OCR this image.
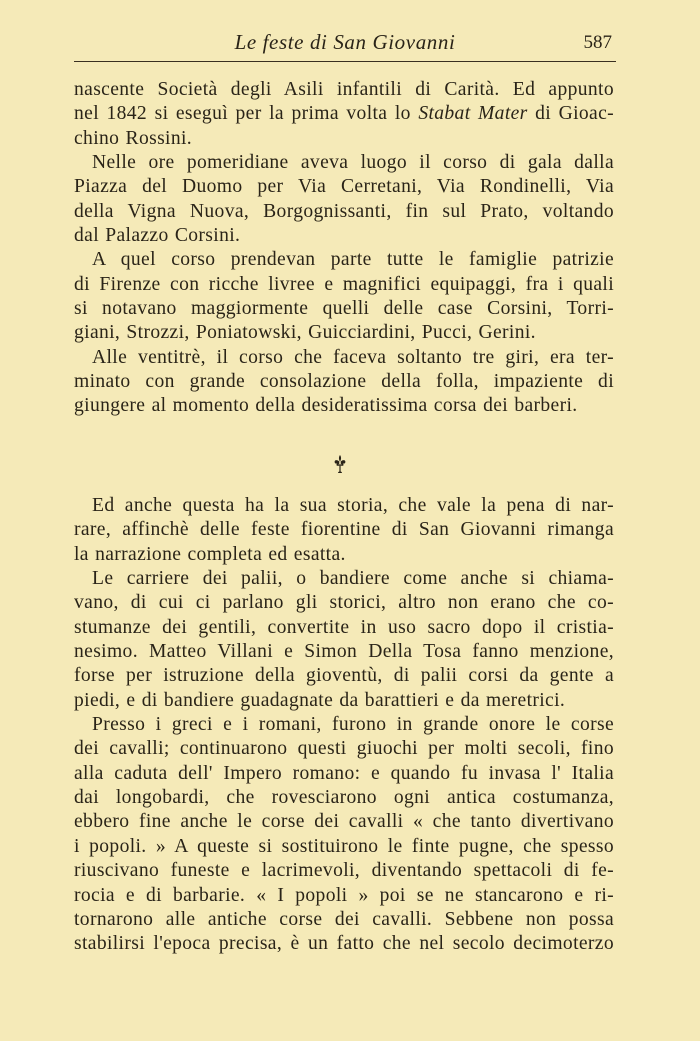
Le feste di San Giovanni	587
nascente Società degli Asili infantili di Carità. Ed appunto
nel 1842 si eseguì per la prima volta lo Stabat Mater di Gioac-
chino Rossini.
Nelle ore pomeridiane aveva luogo il corso di gala dalla
Piazza del Duomo per Via Cerretani, Via Rondinelli, Via
della Vigna Nuova, Borgognissanti, fin sul Prato, voltando
dal Palazzo Corsini.
A quel corso prendevan parte tutte le famiglie patrizie
di Firenze con ricche livree e magnifici equipaggi, fra i quali
si notavano maggiormente quelli delle case Corsini, Torri-
giani, Strozzi, Poniatowski, Guicciardini, Pucci, Gerini.
Alle ventitrè, il corso che faceva soltanto tre giri, era ter-
minato con grande consolazione della folla, impaziente di
giungere al momento della desideratissima corsa dei barberi.
Ed anche questa ha la sua storia, che vale la pena di nar-
rare, affinchè delle feste fiorentine di San Giovanni rimanga
la narrazione completa ed esatta.
Le carriere dei palii, o bandiere come anche si chiama-
vano, di cui ci parlano gli storici, altro non erano che co-
stumanze dei gentili, convertite in uso sacro dopo il cristia-
nesimo. Matteo Villani e Simon Della Tosa fanno menzione,
forse per istruzione della gioventù, di palii corsi da gente a
piedi, e di bandiere guadagnate da barattieri e da meretrici.
Presso i greci e i romani, furono in grande onore le corse
dei cavalli; continuarono questi giuochi per molti secoli, fino
alla caduta dell' Impero romano: e quando fu invasa l' Italia
dai longobardi, che rovesciarono ogni antica costumanza,
ebbero fine anche le corse dei cavalli « che tanto divertivano
i popoli. » A queste si sostituirono le finte pugne, che spesso
riuscivano funeste e lacrimevoli, diventando spettacoli di fe-
rocia e di barbarie. « I popoli » poi se ne stancarono e ri-
tornarono alle antiche corse dei cavalli. Sebbene non possa
stabilirsi l'epoca precisa, è un fatto che nel secolo decimoterzo
